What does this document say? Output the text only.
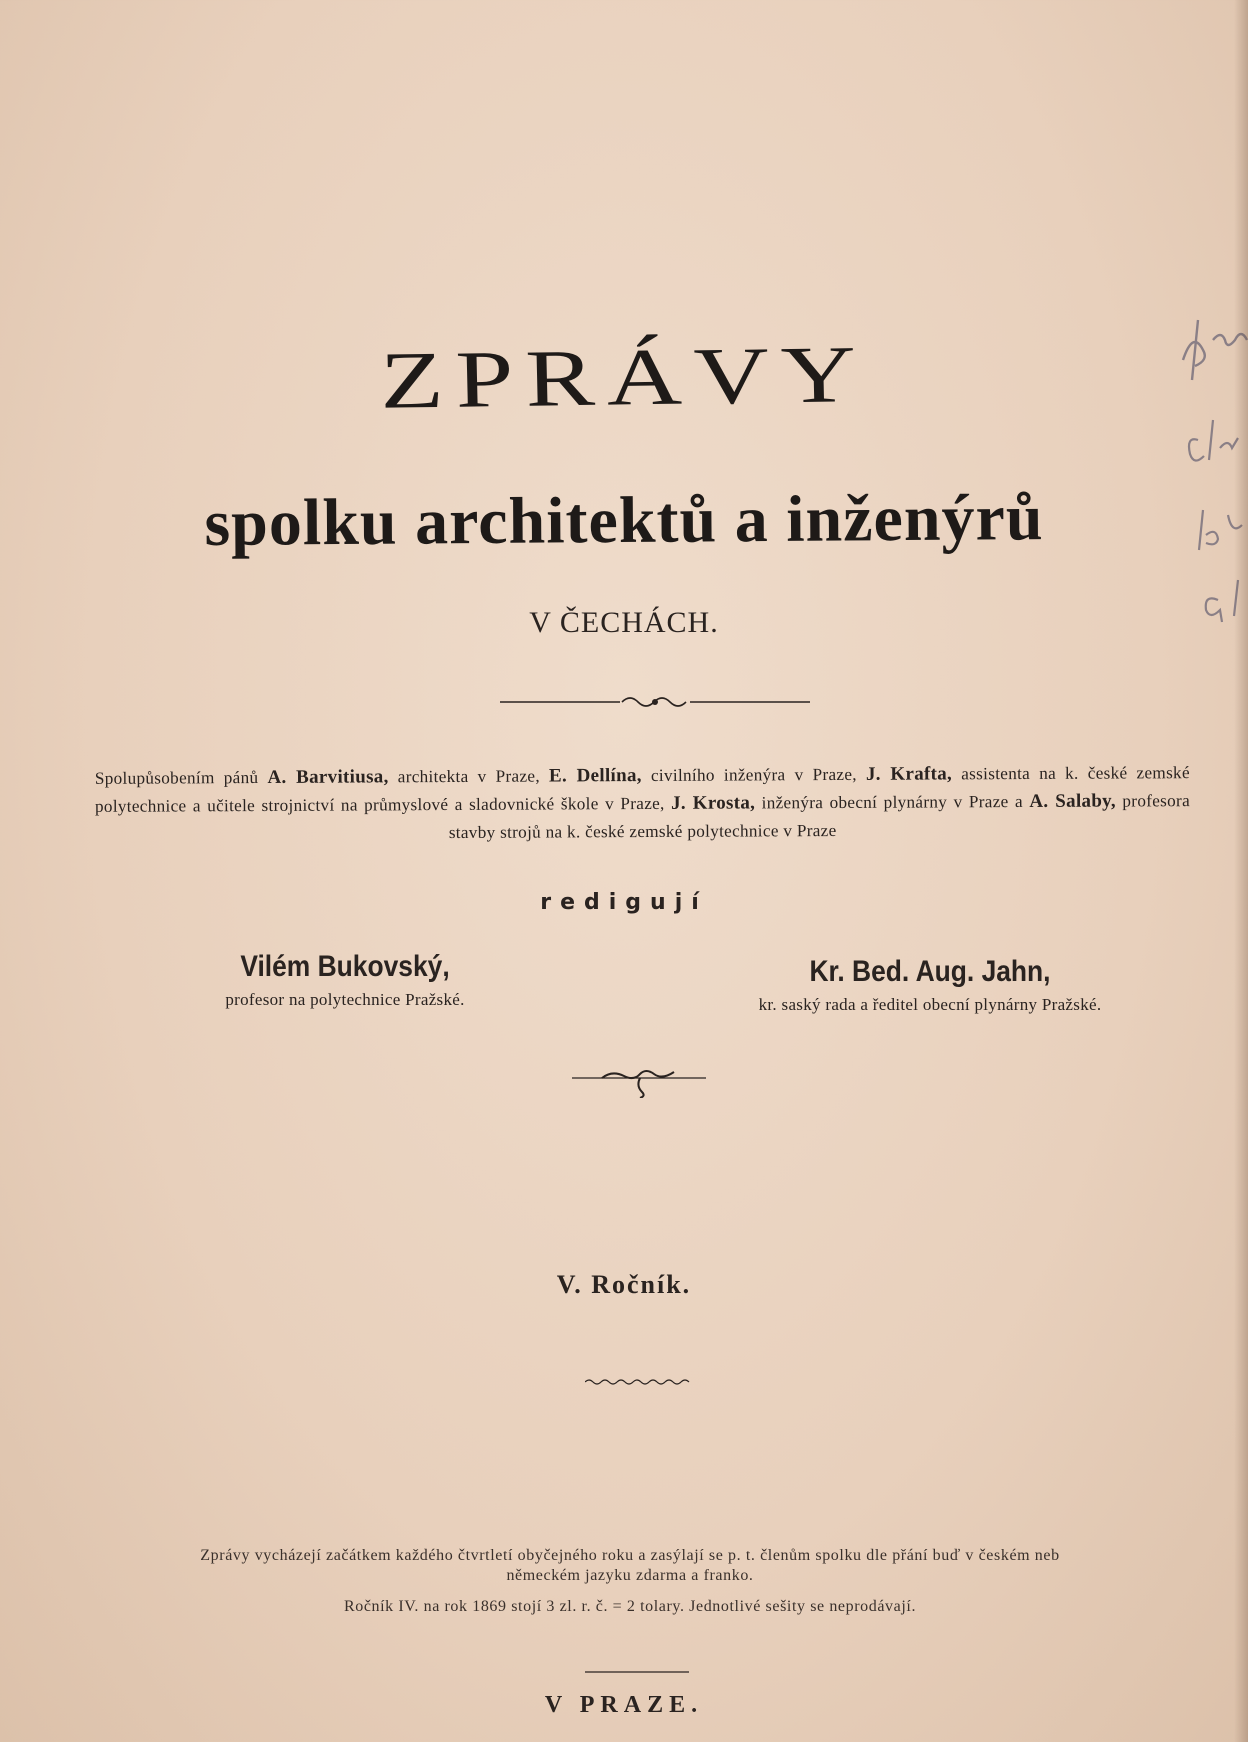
ZPRÁVY
spolku architektů a inženýrů
V ČECHÁCH.
Spolupůsobením pánů A. Barvitiusa, architekta v Praze, E. Dellína, civilního inženýra v Praze, J. Krafta, assistenta na k. české zemské polytechnice a učitele strojnictví na průmyslové a sladovnické škole v Praze, J. Krosta, inženýra obecní plynárny v Praze a A. Salaby, profesora stavby strojů na k. české zemské polytechnice v Praze
redigují
Vilém Bukovský,
profesor na polytechnice Pražské.
Kr. Bed. Aug. Jahn,
kr. saský rada a ředitel obecní plynárny Pražské.
V. Ročník.
Zprávy vycházejí začátkem každého čtvrtletí obyčejného roku a zasýlají se p. t. členům spolku dle přání buď v českém neb
německém jazyku zdarma a franko.
Ročník IV. na rok 1869 stojí 3 zl. r. č. = 2 tolary. Jednotlivé sešity se neprodávají.
V PRAZE.
